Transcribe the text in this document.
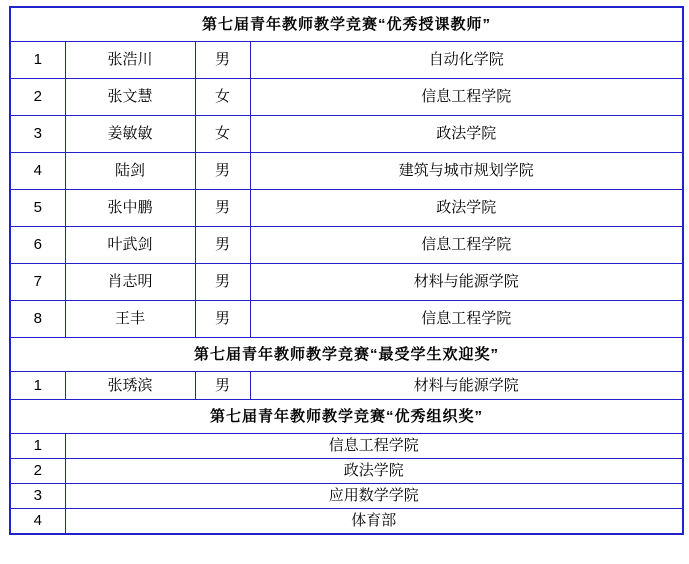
第七届青年教师教学竞赛“优秀授课教师”			
1	张浩川	男	自动化学院
2	张文慧	女	信息工程学院
3	姜敏敏	女	政法学院
4	陆剑	男	建筑与城市规划学院
5	张中鹏	男	政法学院
6	叶武剑	男	信息工程学院
7	肖志明	男	材料与能源学院
8	王丰	男	信息工程学院
第七届青年教师教学竞赛“最受学生欢迎奖”			
1	张琇滨	男	材料与能源学院
第七届青年教师教学竞赛“优秀组织奖”			
1	信息工程学院		
2	政法学院		
3	应用数学学院		
4	体育部		
